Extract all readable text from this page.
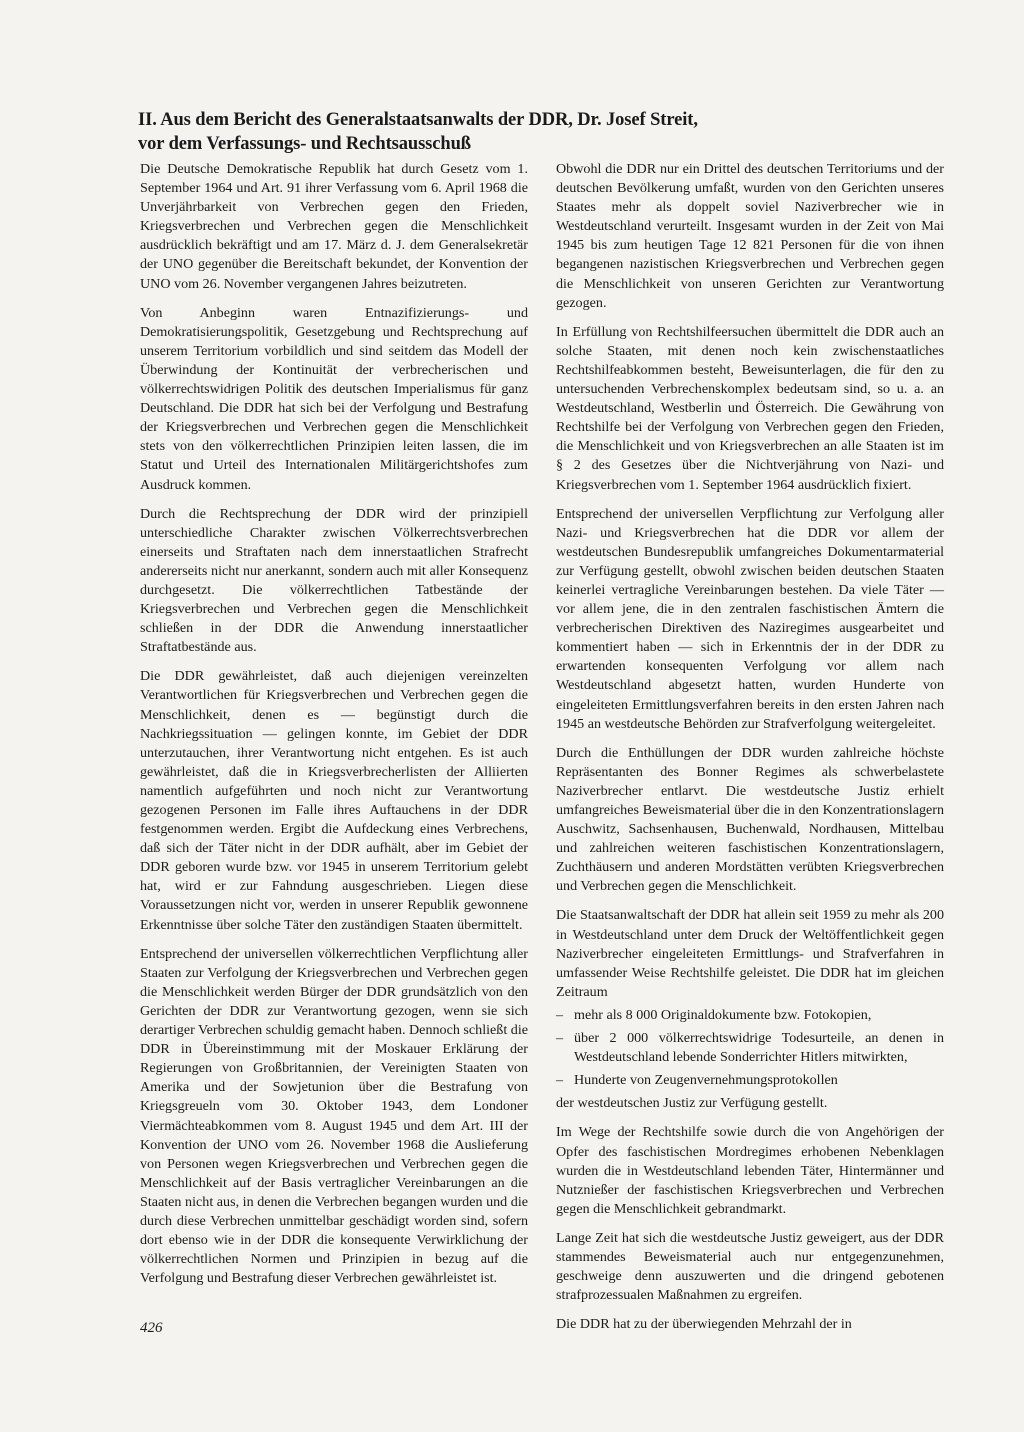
II. Aus dem Bericht des Generalstaatsanwalts der DDR, Dr. Josef Streit,
vor dem Verfassungs- und Rechtsausschuß

Die Deutsche Demokratische Republik hat durch Gesetz vom 1. September 1964 und Art. 91 ihrer Verfassung vom 6. April 1968 die Unverjährbarkeit von Verbrechen gegen den Frieden, Kriegsverbrechen und Verbrechen gegen die Menschlichkeit ausdrücklich bekräftigt und am 17. März d. J. dem Generalsekretär der UNO gegenüber die Bereitschaft bekundet, der Konvention der UNO vom 26. November vergangenen Jahres beizutreten.

Von Anbeginn waren Entnazifizierungs- und Demokratisierungspolitik, Gesetzgebung und Rechtsprechung auf unserem Territorium vorbildlich und sind seitdem das Modell der Überwindung der Kontinuität der verbrecherischen und völkerrechtswidrigen Politik des deutschen Imperialismus für ganz Deutschland. Die DDR hat sich bei der Verfolgung und Bestrafung der Kriegsverbrechen und Verbrechen gegen die Menschlichkeit stets von den völkerrechtlichen Prinzipien leiten lassen, die im Statut und Urteil des Internationalen Militärgerichtshofes zum Ausdruck kommen.

Durch die Rechtsprechung der DDR wird der prinzipiell unterschiedliche Charakter zwischen Völkerrechtsverbrechen einerseits und Straftaten nach dem innerstaatlichen Strafrecht andererseits nicht nur anerkannt, sondern auch mit aller Konsequenz durchgesetzt. Die völkerrechtlichen Tatbestände der Kriegsverbrechen und Verbrechen gegen die Menschlichkeit schließen in der DDR die Anwendung innerstaatlicher Straftatbestände aus.

Die DDR gewährleistet, daß auch diejenigen vereinzelten Verantwortlichen für Kriegsverbrechen und Verbrechen gegen die Menschlichkeit, denen es — begünstigt durch die Nachkriegssituation — gelingen konnte, im Gebiet der DDR unterzutauchen, ihrer Verantwortung nicht entgehen. Es ist auch gewährleistet, daß die in Kriegsverbrecherlisten der Alliierten namentlich aufgeführten und noch nicht zur Verantwortung gezogenen Personen im Falle ihres Auftauchens in der DDR festgenommen werden. Ergibt die Aufdeckung eines Verbrechens, daß sich der Täter nicht in der DDR aufhält, aber im Gebiet der DDR geboren wurde bzw. vor 1945 in unserem Territorium gelebt hat, wird er zur Fahndung ausgeschrieben. Liegen diese Voraussetzungen nicht vor, werden in unserer Republik gewonnene Erkenntnisse über solche Täter den zuständigen Staaten übermittelt.

Entsprechend der universellen völkerrechtlichen Verpflichtung aller Staaten zur Verfolgung der Kriegsverbrechen und Verbrechen gegen die Menschlichkeit werden Bürger der DDR grundsätzlich von den Gerichten der DDR zur Verantwortung gezogen, wenn sie sich derartiger Verbrechen schuldig gemacht haben. Dennoch schließt die DDR in Übereinstimmung mit der Moskauer Erklärung der Regierungen von Großbritannien, der Vereinigten Staaten von Amerika und der Sowjetunion über die Bestrafung von Kriegsgreueln vom 30. Oktober 1943, dem Londoner Viermächteabkommen vom 8. August 1945 und dem Art. III der Konvention der UNO vom 26. November 1968 die Auslieferung von Personen wegen Kriegsverbrechen und Verbrechen gegen die Menschlichkeit auf der Basis vertraglicher Vereinbarungen an die Staaten nicht aus, in denen die Verbrechen begangen wurden und die durch diese Verbrechen unmittelbar geschädigt worden sind, sofern dort ebenso wie in der DDR die konsequente Verwirklichung der völkerrechtlichen Normen und Prinzipien in bezug auf die Verfolgung und Bestrafung dieser Verbrechen gewährleistet ist.

Obwohl die DDR nur ein Drittel des deutschen Territoriums und der deutschen Bevölkerung umfaßt, wurden von den Gerichten unseres Staates mehr als doppelt soviel Naziverbrecher wie in Westdeutschland verurteilt. Insgesamt wurden in der Zeit von Mai 1945 bis zum heutigen Tage 12 821 Personen für die von ihnen begangenen nazistischen Kriegsverbrechen und Verbrechen gegen die Menschlichkeit von unseren Gerichten zur Verantwortung gezogen.

In Erfüllung von Rechtshilfeersuchen übermittelt die DDR auch an solche Staaten, mit denen noch kein zwischenstaatliches Rechtshilfeabkommen besteht, Beweisunterlagen, die für den zu untersuchenden Verbrechenskomplex bedeutsam sind, so u. a. an Westdeutschland, Westberlin und Österreich. Die Gewährung von Rechtshilfe bei der Verfolgung von Verbrechen gegen den Frieden, die Menschlichkeit und von Kriegsverbrechen an alle Staaten ist im § 2 des Gesetzes über die Nichtverjährung von Nazi- und Kriegsverbrechen vom 1. September 1964 ausdrücklich fixiert.

Entsprechend der universellen Verpflichtung zur Verfolgung aller Nazi- und Kriegsverbrechen hat die DDR vor allem der westdeutschen Bundesrepublik umfangreiches Dokumentarmaterial zur Verfügung gestellt, obwohl zwischen beiden deutschen Staaten keinerlei vertragliche Vereinbarungen bestehen. Da viele Täter — vor allem jene, die in den zentralen faschistischen Ämtern die verbrecherischen Direktiven des Naziregimes ausgearbeitet und kommentiert haben — sich in Erkenntnis der in der DDR zu erwartenden konsequenten Verfolgung vor allem nach Westdeutschland abgesetzt hatten, wurden Hunderte von eingeleiteten Ermittlungsverfahren bereits in den ersten Jahren nach 1945 an westdeutsche Behörden zur Strafverfolgung weitergeleitet.

Durch die Enthüllungen der DDR wurden zahlreiche höchste Repräsentanten des Bonner Regimes als schwerbelastete Naziverbrecher entlarvt. Die westdeutsche Justiz erhielt umfangreiches Beweismaterial über die in den Konzentrationslagern Auschwitz, Sachsenhausen, Buchenwald, Nordhausen, Mittelbau und zahlreichen weiteren faschistischen Konzentrationslagern, Zuchthäusern und anderen Mordstätten verübten Kriegsverbrechen und Verbrechen gegen die Menschlichkeit.

Die Staatsanwaltschaft der DDR hat allein seit 1959 zu mehr als 200 in Westdeutschland unter dem Druck der Weltöffentlichkeit gegen Naziverbrecher eingeleiteten Ermittlungs- und Strafverfahren in umfassender Weise Rechtshilfe geleistet. Die DDR hat im gleichen Zeitraum

– mehr als 8 000 Originaldokumente bzw. Fotokopien,
– über 2 000 völkerrechtswidrige Todesurteile, an denen in Westdeutschland lebende Sonderrichter Hitlers mitwirkten,
– Hunderte von Zeugenvernehmungsprotokollen

der westdeutschen Justiz zur Verfügung gestellt.

Im Wege der Rechtshilfe sowie durch die von Angehörigen der Opfer des faschistischen Mordregimes erhobenen Nebenklagen wurden die in Westdeutschland lebenden Täter, Hintermänner und Nutznießer der faschistischen Kriegsverbrechen und Verbrechen gegen die Menschlichkeit gebrandmarkt.

Lange Zeit hat sich die westdeutsche Justiz geweigert, aus der DDR stammendes Beweismaterial auch nur entgegenzunehmen, geschweige denn auszuwerten und die dringend gebotenen strafprozessualen Maßnahmen zu ergreifen.

Die DDR hat zu der überwiegenden Mehrzahl der in

426
